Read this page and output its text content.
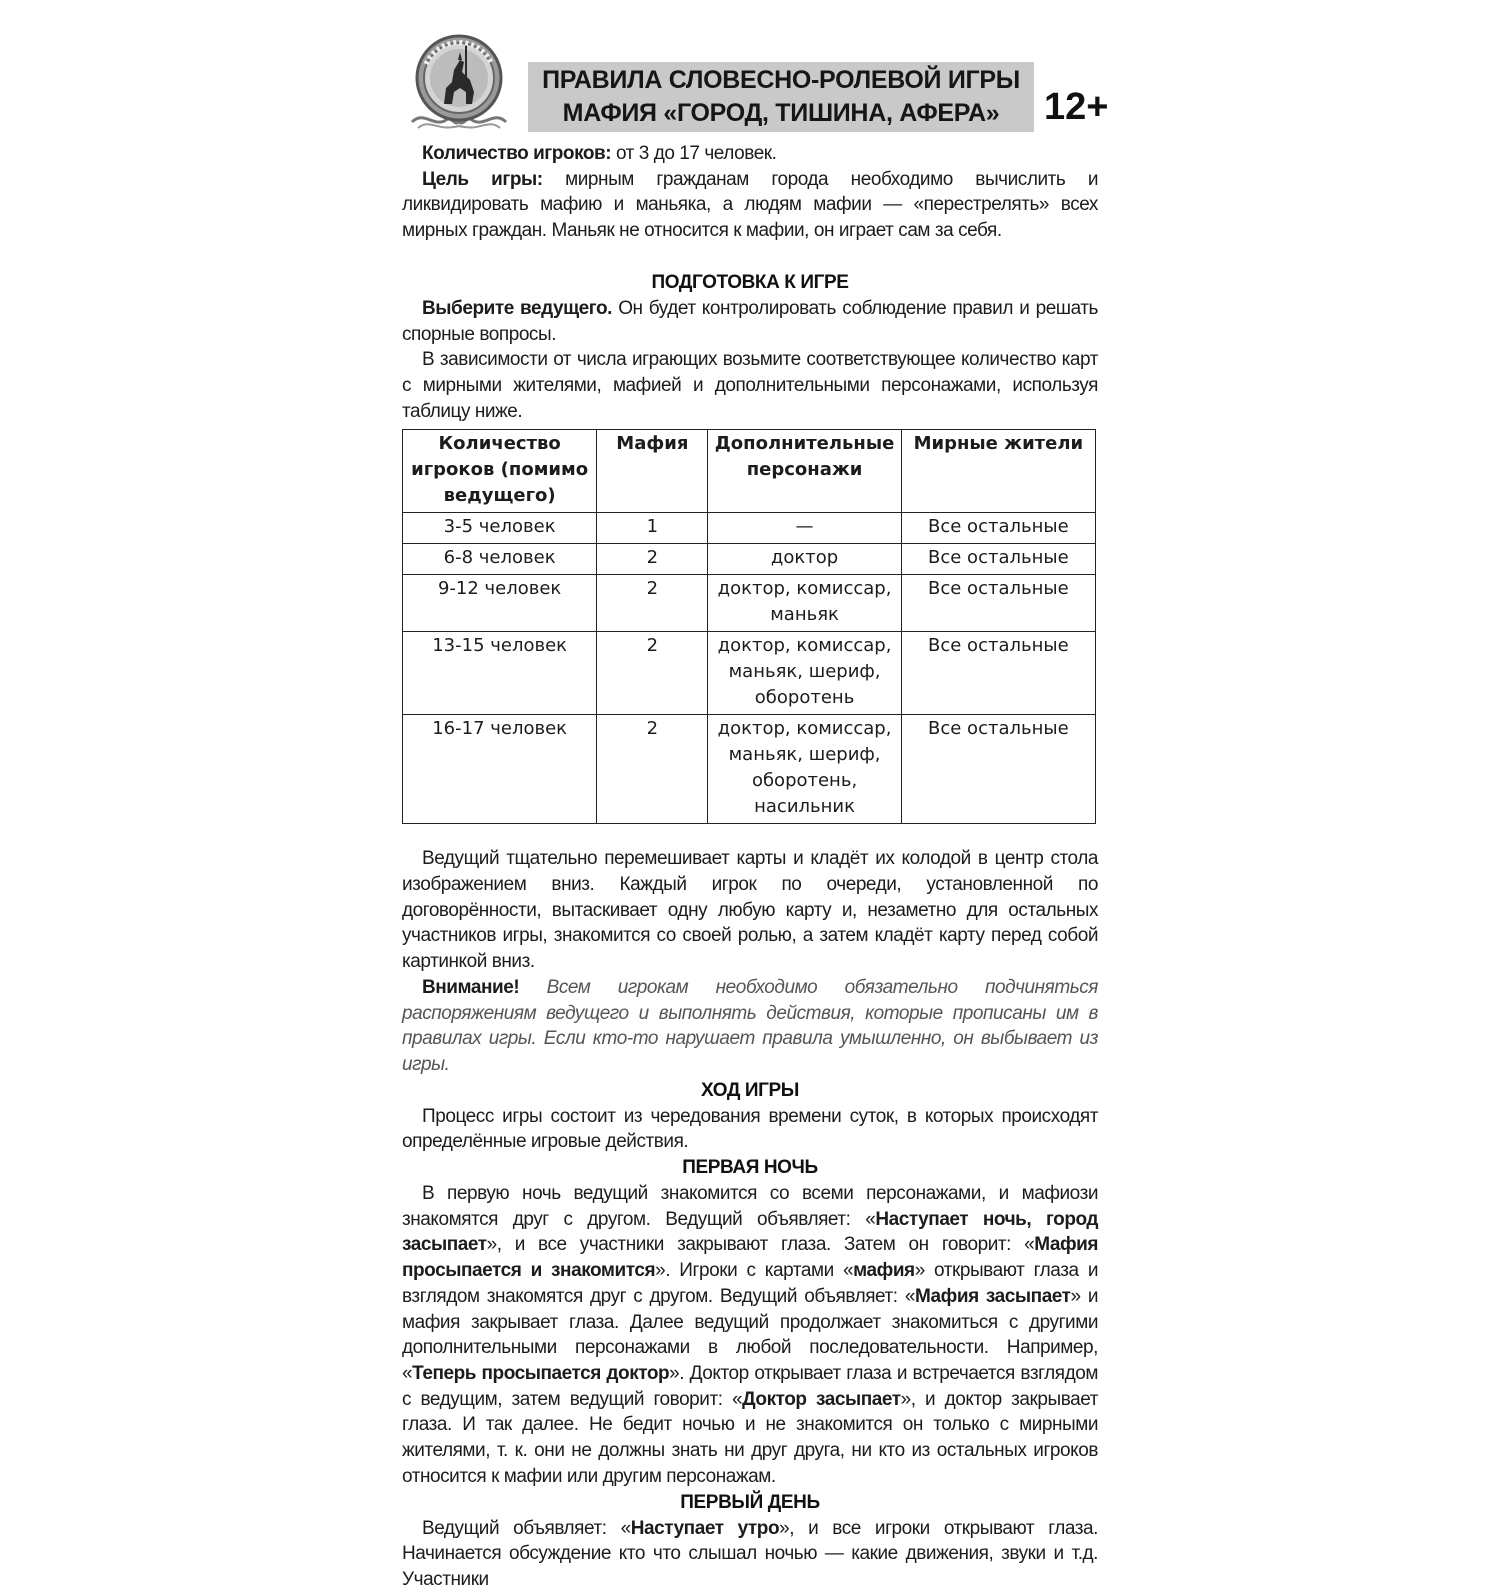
ПРАВИЛА СЛОВЕСНО-РОЛЕВОЙ ИГРЫ
МАФИЯ «ГОРОД, ТИШИНА, АФЕРА» 12+

Количество игроков: от 3 до 17 человек.

Цель игры: мирным гражданам города необходимо вычислить и ликвидировать мафию и маньяка, а людям мафии — «перестрелять» всех мирных граждан. Маньяк не относится к мафии, он играет сам за себя.

ПОДГОТОВКА К ИГРЕ

Выберите ведущего. Он будет контролировать соблюдение правил и решать спорные вопросы.

В зависимости от числа играющих возьмите соответствующее количество карт с мирными жителями, мафией и дополнительными персонажами, используя таблицу ниже.

Количество игроков (помимо ведущего)	Мафия	Дополнительные персонажи	Мирные жители
3-5 человек	1	—	Все остальные
6-8 человек	2	доктор	Все остальные
9-12 человек	2	доктор, комиссар, маньяк	Все остальные
13-15 человек	2	доктор, комиссар, маньяк, шериф, оборотень	Все остальные
16-17 человек	2	доктор, комиссар, маньяк, шериф, оборотень, насильник	Все остальные

Ведущий тщательно перемешивает карты и кладёт их колодой в центр стола изображением вниз. Каждый игрок по очереди, установленной по договорённости, вытаскивает одну любую карту и, незаметно для остальных участников игры, знакомится со своей ролью, а затем кладёт карту перед собой картинкой вниз.

Внимание! Всем игрокам необходимо обязательно подчиняться распоряжениям ведущего и выполнять действия, которые прописаны им в правилах игры. Если кто-то нарушает правила умышленно, он выбывает из игры.

ХОД ИГРЫ

Процесс игры состоит из чередования времени суток, в которых происходят определённые игровые действия.

ПЕРВАЯ НОЧЬ

В первую ночь ведущий знакомится со всеми персонажами, и мафиози знакомятся друг с другом. Ведущий объявляет: «Наступает ночь, город засыпает», и все участники закрывают глаза. Затем он говорит: «Мафия просыпается и знакомится». Игроки с картами «мафия» открывают глаза и взглядом знакомятся друг с другом. Ведущий объявляет: «Мафия засыпает» и мафия закрывает глаза. Далее ведущий продолжает знакомиться с другими дополнительными персонажами в любой последовательности. Например, «Теперь просыпается доктор». Доктор открывает глаза и встречается взглядом с ведущим, затем ведущий говорит: «Доктор засыпает», и доктор закрывает глаза. И так далее. Не бедит ночью и не знакомится он только с мирными жителями, т. к. они не должны знать ни друг друга, ни кто из остальных игроков относится к мафии или другим персонажам.

ПЕРВЫЙ ДЕНЬ

Ведущий объявляет: «Наступает утро», и все игроки открывают глаза. Начинается обсуждение кто что слышал ночью — какие движения, звуки и т.д. Участники
